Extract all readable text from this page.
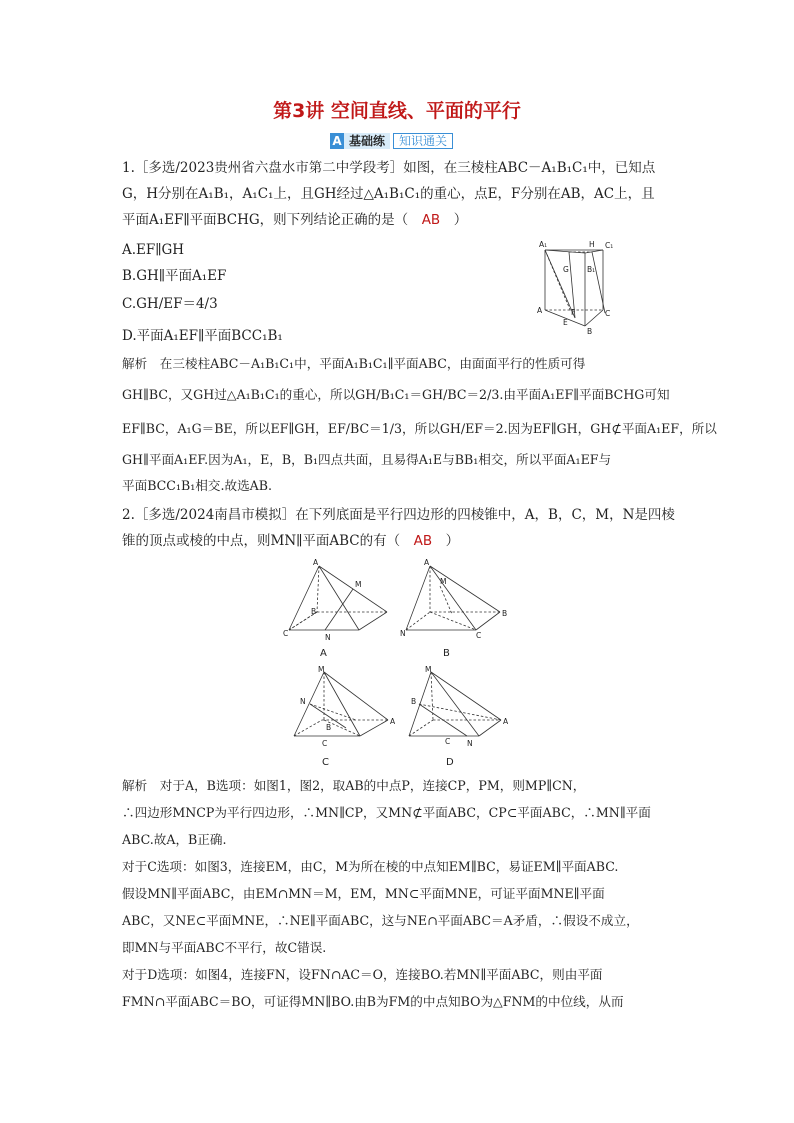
第3讲 空间直线、平面的平行
A 基础练	知识通关
1.［多选/2023贵州省六盘水市第二中学段考］如图，在三棱柱ABC－A₁B₁C₁中，已知点
G，H分别在A₁B₁，A₁C₁上，且GH经过△A₁B₁C₁的重心，点E，F分别在AB，AC上，且
平面A₁EF∥平面BCHG，则下列结论正确的是（　 AB　 ）
A.EF∥GH
B.GH∥平面A₁EF
C.GH/EF＝4/3
D.平面A₁EF∥平面BCC₁B₁
A₁	H C₁
G B₁
A	F	C
E
B
解析　在三棱柱ABC－A₁B₁C₁中，平面A₁B₁C₁∥平面ABC，由面面平行的性质可得
GH∥BC，又GH过△A₁B₁C₁的重心，所以GH/B₁C₁＝GH/BC＝2/3.由平面A₁EF∥平面BCHG可知
EF∥BC，A₁G＝BE，所以EF∥GH，EF/BC＝1/3，所以GH/EF＝2.因为EF∥GH，GH⊄平面A₁EF，所以
GH∥平面A₁EF.因为A₁，E，B，B₁四点共面，且易得A₁E与BB₁相交，所以平面A₁EF与
平面BCC₁B₁相交.故选AB.
2.［多选/2024南昌市模拟］在下列底面是平行四边形的四棱锥中，A，B，C，M，N是四棱
锥的顶点或棱的中点，则MN∥平面ABC的有（　 AB　 ）
A
M
B
C	N
A
A
M
B
N	C
B
M
N
A
B
C
C
M
B
A
C N
D
解析　对于A，B选项：如图1，图2，取AB的中点P，连接CP，PM，则MP∥CN，
∴四边形MNCP为平行四边形，∴MN∥CP，又MN⊄平面ABC，CP⊂平面ABC，∴MN∥平面
ABC.故A，B正确.
对于C选项：如图3，连接EM，由C，M为所在棱的中点知EM∥BC，易证EM∥平面ABC.
假设MN∥平面ABC，由EM∩MN＝M，EM，MN⊂平面MNE，可证平面MNE∥平面
ABC，又NE⊂平面MNE，∴NE∥平面ABC，这与NE∩平面ABC＝A矛盾，∴假设不成立，
即MN与平面ABC不平行，故C错误.
对于D选项：如图4，连接FN，设FN∩AC＝O，连接BO.若MN∥平面ABC，则由平面
FMN∩平面ABC＝BO，可证得MN∥BO.由B为FM的中点知BO为△FNM的中位线，从而
